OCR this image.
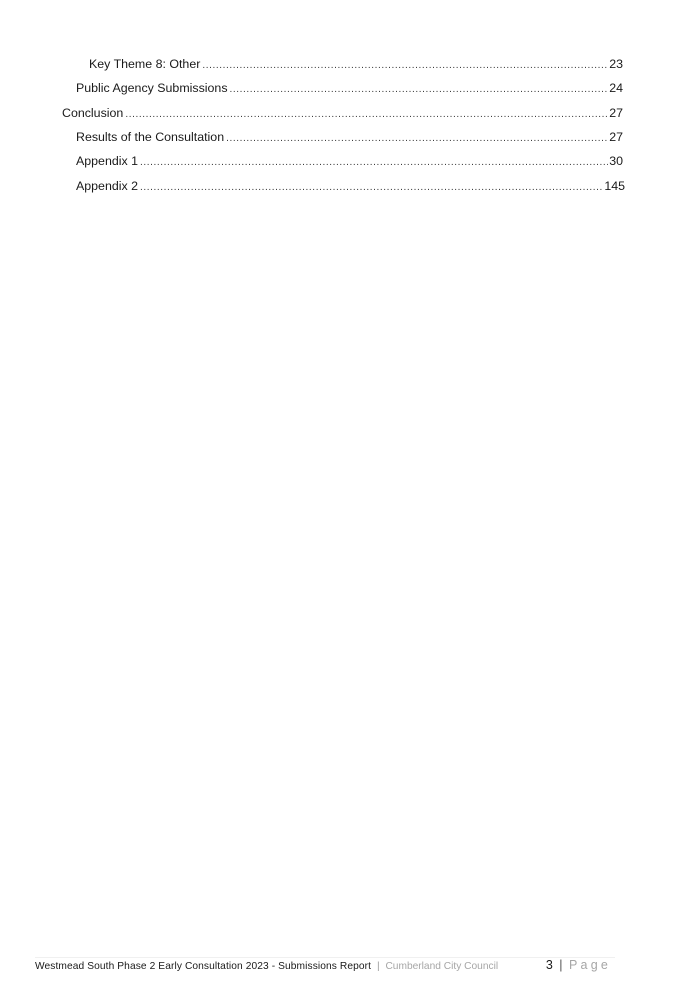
Key Theme 8: Other .....	23
Public Agency Submissions .....	24
Conclusion .....	27
Results of the Consultation .....	27
Appendix 1 .....	30
Appendix 2 .....	145
Westmead South Phase 2 Early Consultation 2023 - Submissions Report | Cumberland City Council	3 | Page
